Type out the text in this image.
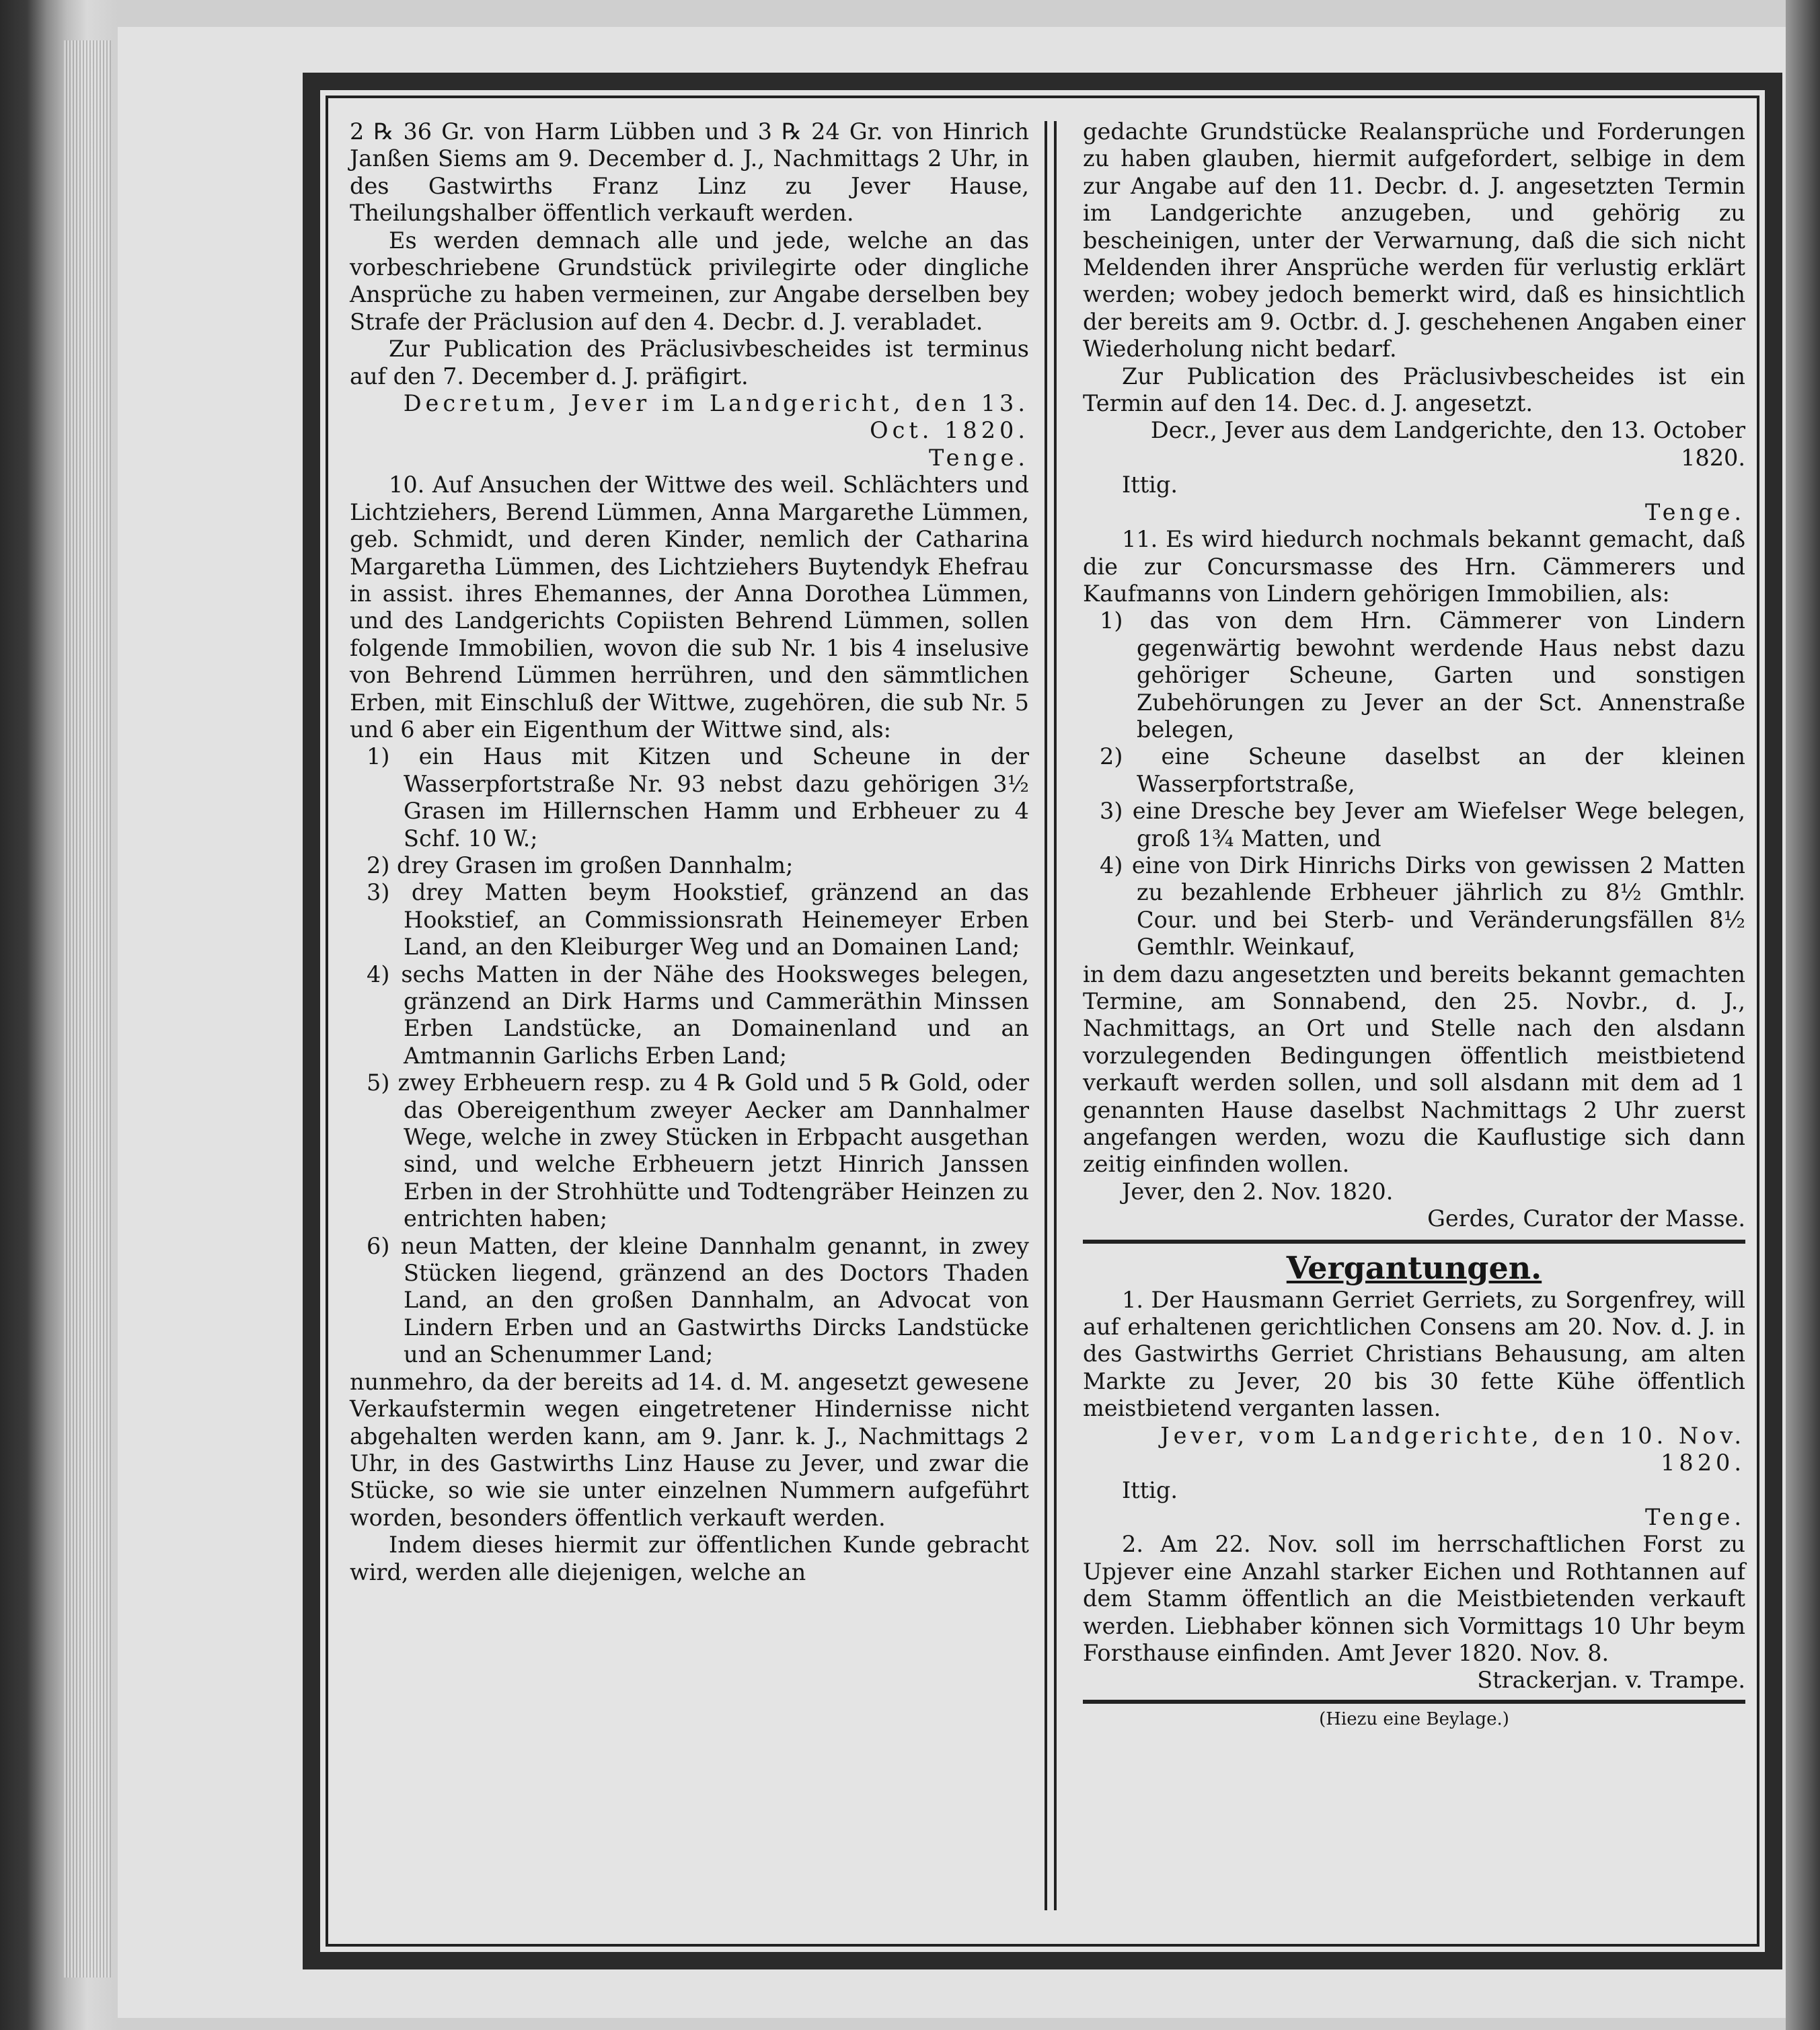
2 ℞ 36 Gr. von Harm Lübben und 3 ℞ 24 Gr. von Hinrich Janßen Siems am 9. December d. J., Nachmittags 2 Uhr, in des Gastwirths Franz Linz zu Jever Hause, Theilungshalber öffentlich verkauft werden.

Es werden demnach alle und jede, welche an das vorbeschriebene Grundstück privilegirte oder dingliche Ansprüche zu haben vermeinen, zur Angabe derselben bey Strafe der Präclusion auf den 4. Decbr. d. J. verabladet.

Zur Publication des Präclusivbescheides ist terminus auf den 7. December d. J. präfigirt.

Decretum, Jever im Landgericht, den 13. Oct. 1820.

Tenge.

10. Auf Ansuchen der Wittwe des weil. Schlächters und Lichtziehers, Berend Lümmen, Anna Margarethe Lümmen, geb. Schmidt, und deren Kinder, nemlich der Catharina Margaretha Lümmen, des Lichtziehers Buytendyk Ehefrau in assist. ihres Ehemannes, der Anna Dorothea Lümmen, und des Landgerichts Copiisten Behrend Lümmen, sollen folgende Immobilien, wovon die sub Nr. 1 bis 4 inselusive von Behrend Lümmen herrühren, und den sämmtlichen Erben, mit Einschluß der Wittwe, zugehören, die sub Nr. 5 und 6 aber ein Eigenthum der Wittwe sind, als:

1) ein Haus mit Kitzen und Scheune in der Wasserpfortstraße Nr. 93 nebst dazu gehörigen 3½ Grasen im Hillernschen Hamm und Erbheuer zu 4 Schf. 10 W.;

2) drey Grasen im großen Dannhalm;

3) drey Matten beym Hookstief, gränzend an das Hookstief, an Commissionsrath Heinemeyer Erben Land, an den Kleiburger Weg und an Domainen Land;

4) sechs Matten in der Nähe des Hooksweges belegen, gränzend an Dirk Harms und Cammeräthin Minssen Erben Landstücke, an Domainenland und an Amtmannin Garlichs Erben Land;

5) zwey Erbheuern resp. zu 4 ℞ Gold und 5 ℞ Gold, oder das Obereigenthum zweyer Aecker am Dannhalmer Wege, welche in zwey Stücken in Erbpacht ausgethan sind, und welche Erbheuern jetzt Hinrich Janssen Erben in der Strohhütte und Todtengräber Heinzen zu entrichten haben;

6) neun Matten, der kleine Dannhalm genannt, in zwey Stücken liegend, gränzend an des Doctors Thaden Land, an den großen Dannhalm, an Advocat von Lindern Erben und an Gastwirths Dircks Landstücke und an Schenummer Land;

nunmehro, da der bereits ad 14. d. M. angesetzt gewesene Verkaufstermin wegen eingetretener Hindernisse nicht abgehalten werden kann, am 9. Janr. k. J., Nachmittags 2 Uhr, in des Gastwirths Linz Hause zu Jever, und zwar die Stücke, so wie sie unter einzelnen Nummern aufgeführt worden, besonders öffentlich verkauft werden.

Indem dieses hiermit zur öffentlichen Kunde gebracht wird, werden alle diejenigen, welche an

gedachte Grundstücke Realansprüche und Forderungen zu haben glauben, hiermit aufgefordert, selbige in dem zur Angabe auf den 11. Decbr. d. J. angesetzten Termin im Landgerichte anzugeben, und gehörig zu bescheinigen, unter der Verwarnung, daß die sich nicht Meldenden ihrer Ansprüche werden für verlustig erklärt werden; wobey jedoch bemerkt wird, daß es hinsichtlich der bereits am 9. Octbr. d. J. geschehenen Angaben einer Wiederholung nicht bedarf.

Zur Publication des Präclusivbescheides ist ein Termin auf den 14. Dec. d. J. angesetzt.

Decr., Jever aus dem Landgerichte, den 13. October 1820.

Ittig.

Tenge.

11. Es wird hiedurch nochmals bekannt gemacht, daß die zur Concursmasse des Hrn. Cämmerers und Kaufmanns von Lindern gehörigen Immobilien, als:

1) das von dem Hrn. Cämmerer von Lindern gegenwärtig bewohnt werdende Haus nebst dazu gehöriger Scheune, Garten und sonstigen Zubehörungen zu Jever an der Sct. Annenstraße belegen,

2) eine Scheune daselbst an der kleinen Wasserpfortstraße,

3) eine Dresche bey Jever am Wiefelser Wege belegen, groß 1¾ Matten, und

4) eine von Dirk Hinrichs Dirks von gewissen 2 Matten zu bezahlende Erbheuer jährlich zu 8½ Gmthlr. Cour. und bei Sterb- und Veränderungsfällen 8½ Gemthlr. Weinkauf,

in dem dazu angesetzten und bereits bekannt gemachten Termine, am Sonnabend, den 25. Novbr., d. J., Nachmittags, an Ort und Stelle nach den alsdann vorzulegenden Bedingungen öffentlich meistbietend verkauft werden sollen, und soll alsdann mit dem ad 1 genannten Hause daselbst Nachmittags 2 Uhr zuerst angefangen werden, wozu die Kauflustige sich dann zeitig einfinden wollen.

Jever, den 2. Nov. 1820.

Gerdes, Curator der Masse.

Vergantungen.

1. Der Hausmann Gerriet Gerriets, zu Sorgenfrey, will auf erhaltenen gerichtlichen Consens am 20. Nov. d. J. in des Gastwirths Gerriet Christians Behausung, am alten Markte zu Jever, 20 bis 30 fette Kühe öffentlich meistbietend verganten lassen.

Jever, vom Landgerichte, den 10. Nov. 1820.

Ittig.

Tenge.

2. Am 22. Nov. soll im herrschaftlichen Forst zu Upjever eine Anzahl starker Eichen und Rothtannen auf dem Stamm öffentlich an die Meistbietenden verkauft werden. Liebhaber können sich Vormittags 10 Uhr beym Forsthause einfinden. Amt Jever 1820. Nov. 8.

Strackerjan. v. Trampe.

(Hiezu eine Beylage.)
